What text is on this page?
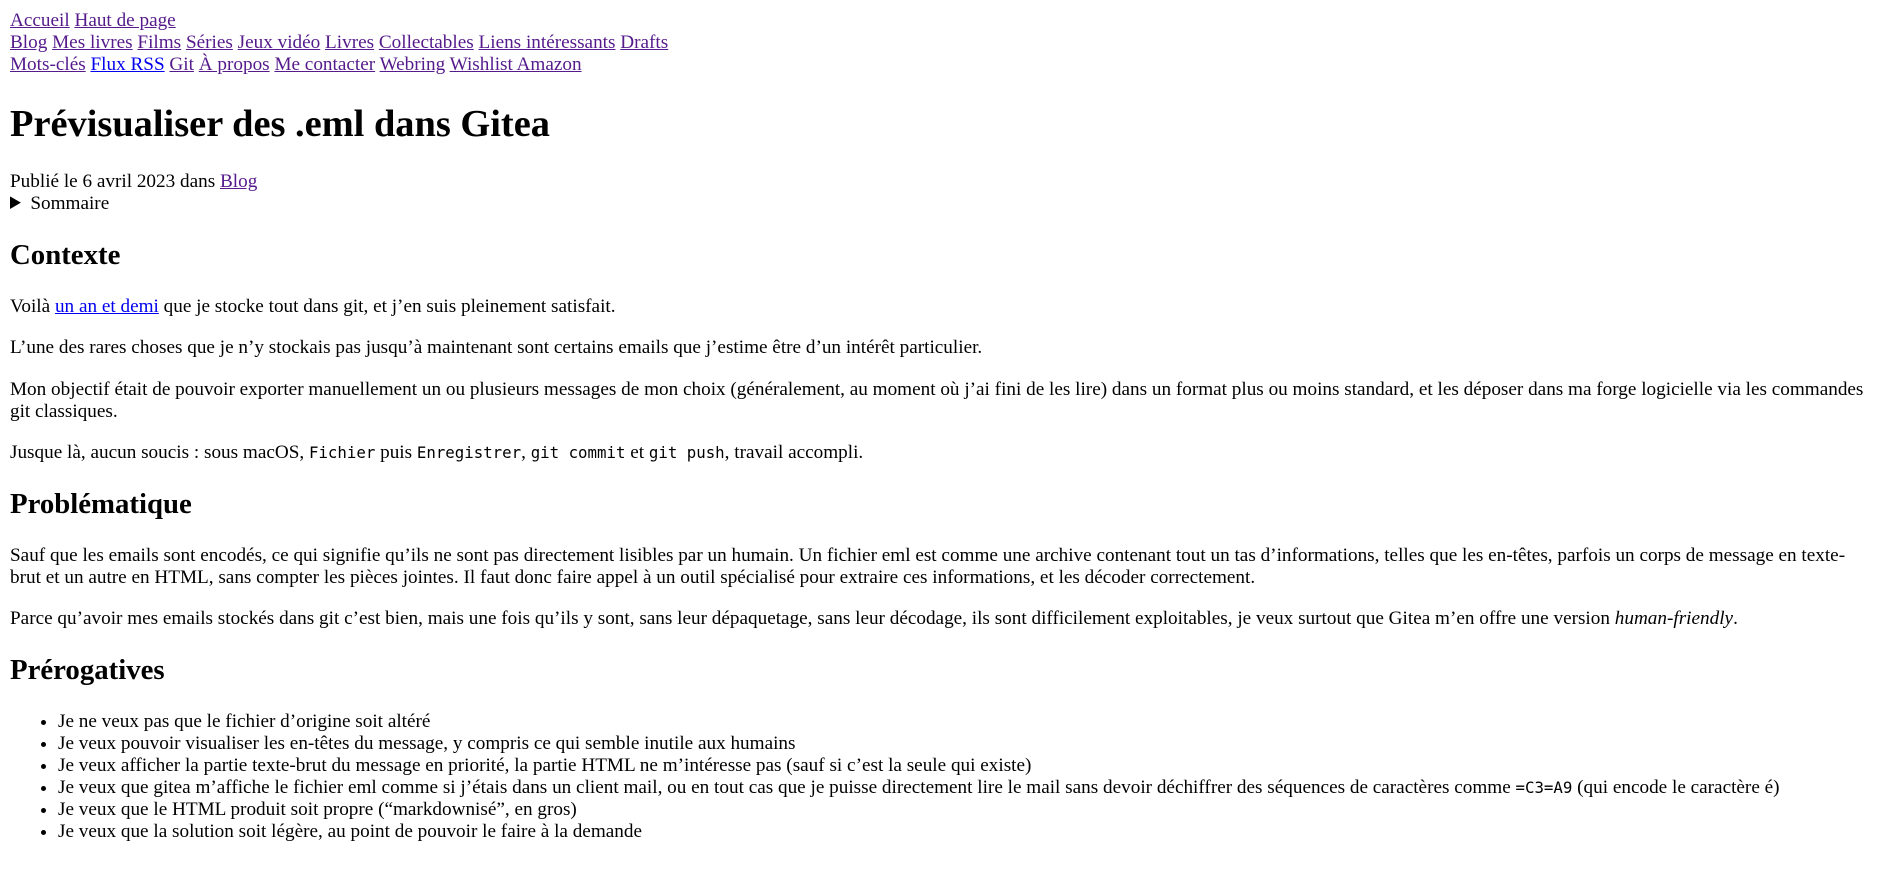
Accueil Haut de page
Blog Mes livres Films Séries Jeux vidéo Livres Collectables Liens intéressants Drafts
Mots-clés Flux RSS Git À propos Me contacter Webring Wishlist Amazon
Prévisualiser des .eml dans Gitea

Publié le 6 avril 2023 dans Blog

Sommaire
Contexte

Voilà un an et demi que je stocke tout dans git, et j’en suis pleinement satisfait.

L’une des rares choses que je n’y stockais pas jusqu’à maintenant sont certains emails que j’estime être d’un intérêt particulier.

Mon objectif était de pouvoir exporter manuellement un ou plusieurs messages de mon choix (généralement, au moment où j’ai fini de les lire) dans un format plus ou moins standard, et les déposer dans ma forge logicielle via les commandes git classiques.

Jusque là, aucun soucis : sous macOS, Fichier puis Enregistrer, git commit et git push, travail accompli.

Problématique

Sauf que les emails sont encodés, ce qui signifie qu’ils ne sont pas directement lisibles par un humain. Un fichier eml est comme une archive contenant tout un tas d’informations, telles que les en-têtes, parfois un corps de message en texte-brut et un autre en HTML, sans compter les pièces jointes. Il faut donc faire appel à un outil spécialisé pour extraire ces informations, et les décoder correctement.

Parce qu’avoir mes emails stockés dans git c’est bien, mais une fois qu’ils y sont, sans leur dépaquetage, sans leur décodage, ils sont difficilement exploitables, je veux surtout que Gitea m’en offre une version human-friendly.

Prérogatives
• Je ne veux pas que le fichier d’origine soit altéré
• Je veux pouvoir visualiser les en-têtes du message, y compris ce qui semble inutile aux humains
• Je veux afficher la partie texte-brut du message en priorité, la partie HTML ne m’intéresse pas (sauf si c’est la seule qui existe)
• Je veux que gitea m’affiche le fichier eml comme si j’étais dans un client mail, ou en tout cas que je puisse directement lire le mail sans devoir déchiffrer des séquences de caractères comme =C3=A9 (qui encode le caractère é)
• Je veux que le HTML produit soit propre (“markdownisé”, en gros)
• Je veux que la solution soit légère, au point de pouvoir le faire à la demande
